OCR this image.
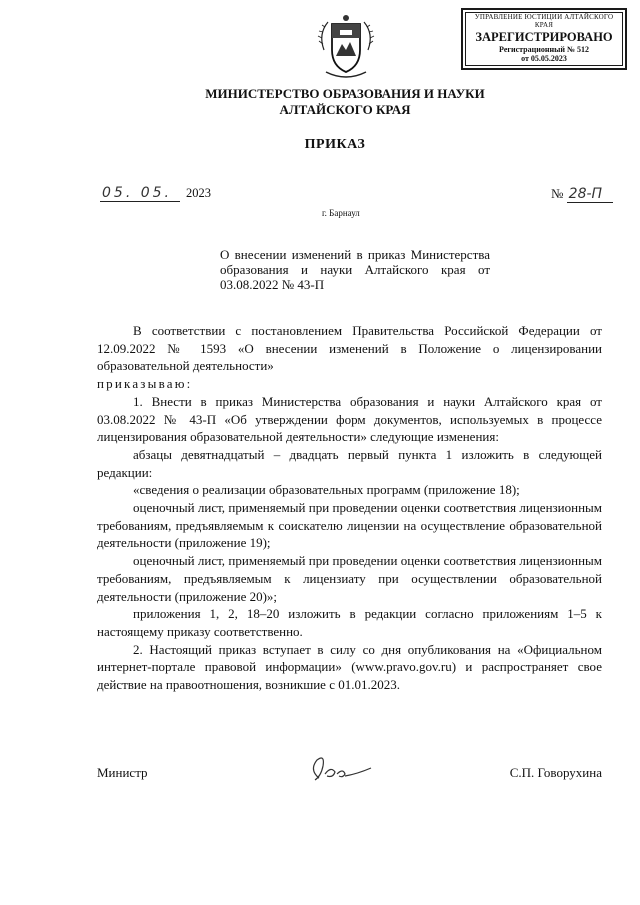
УПРАВЛЕНИЕ ЮСТИЦИИ АЛТАЙСКОГО КРАЯ
ЗАРЕГИСТРИРОВАНО
Регистрационный № 512
от 05.05.2023
МИНИСТЕРСТВО ОБРАЗОВАНИЯ И НАУКИ
АЛТАЙСКОГО КРАЯ
ПРИКАЗ
05. 05. 2023	№ 28-П
г. Барнаул
О внесении изменений в приказ Министерства образования и науки Алтайского края от 03.08.2022 № 43-П

В соответствии с постановлением Правительства Российской Федерации от 12.09.2022 № 1593 «О внесении изменений в Положение о лицензировании образовательной деятельности»

приказываю:

1. Внести в приказ Министерства образования и науки Алтайского края от 03.08.2022 № 43-П «Об утверждении форм документов, используемых в процессе лицензирования образовательной деятельности» следующие изменения:

абзацы девятнадцатый – двадцать первый пункта 1 изложить в следующей редакции:

«сведения о реализации образовательных программ (приложение 18);

оценочный лист, применяемый при проведении оценки соответствия лицензионным требованиям, предъявляемым к соискателю лицензии на осуществление образовательной деятельности (приложение 19);

оценочный лист, применяемый при проведении оценки соответствия лицензионным требованиям, предъявляемым к лицензиату при осуществлении образовательной деятельности (приложение 20)»;

приложения 1, 2, 18–20 изложить в редакции согласно приложениям 1–5 к настоящему приказу соответственно.

2. Настоящий приказ вступает в силу со дня опубликования на «Официальном интернет-портале правовой информации» (www.pravo.gov.ru) и распространяет свое действие на правоотношения, возникшие с 01.01.2023.

Министр	С.П. Говорухина
